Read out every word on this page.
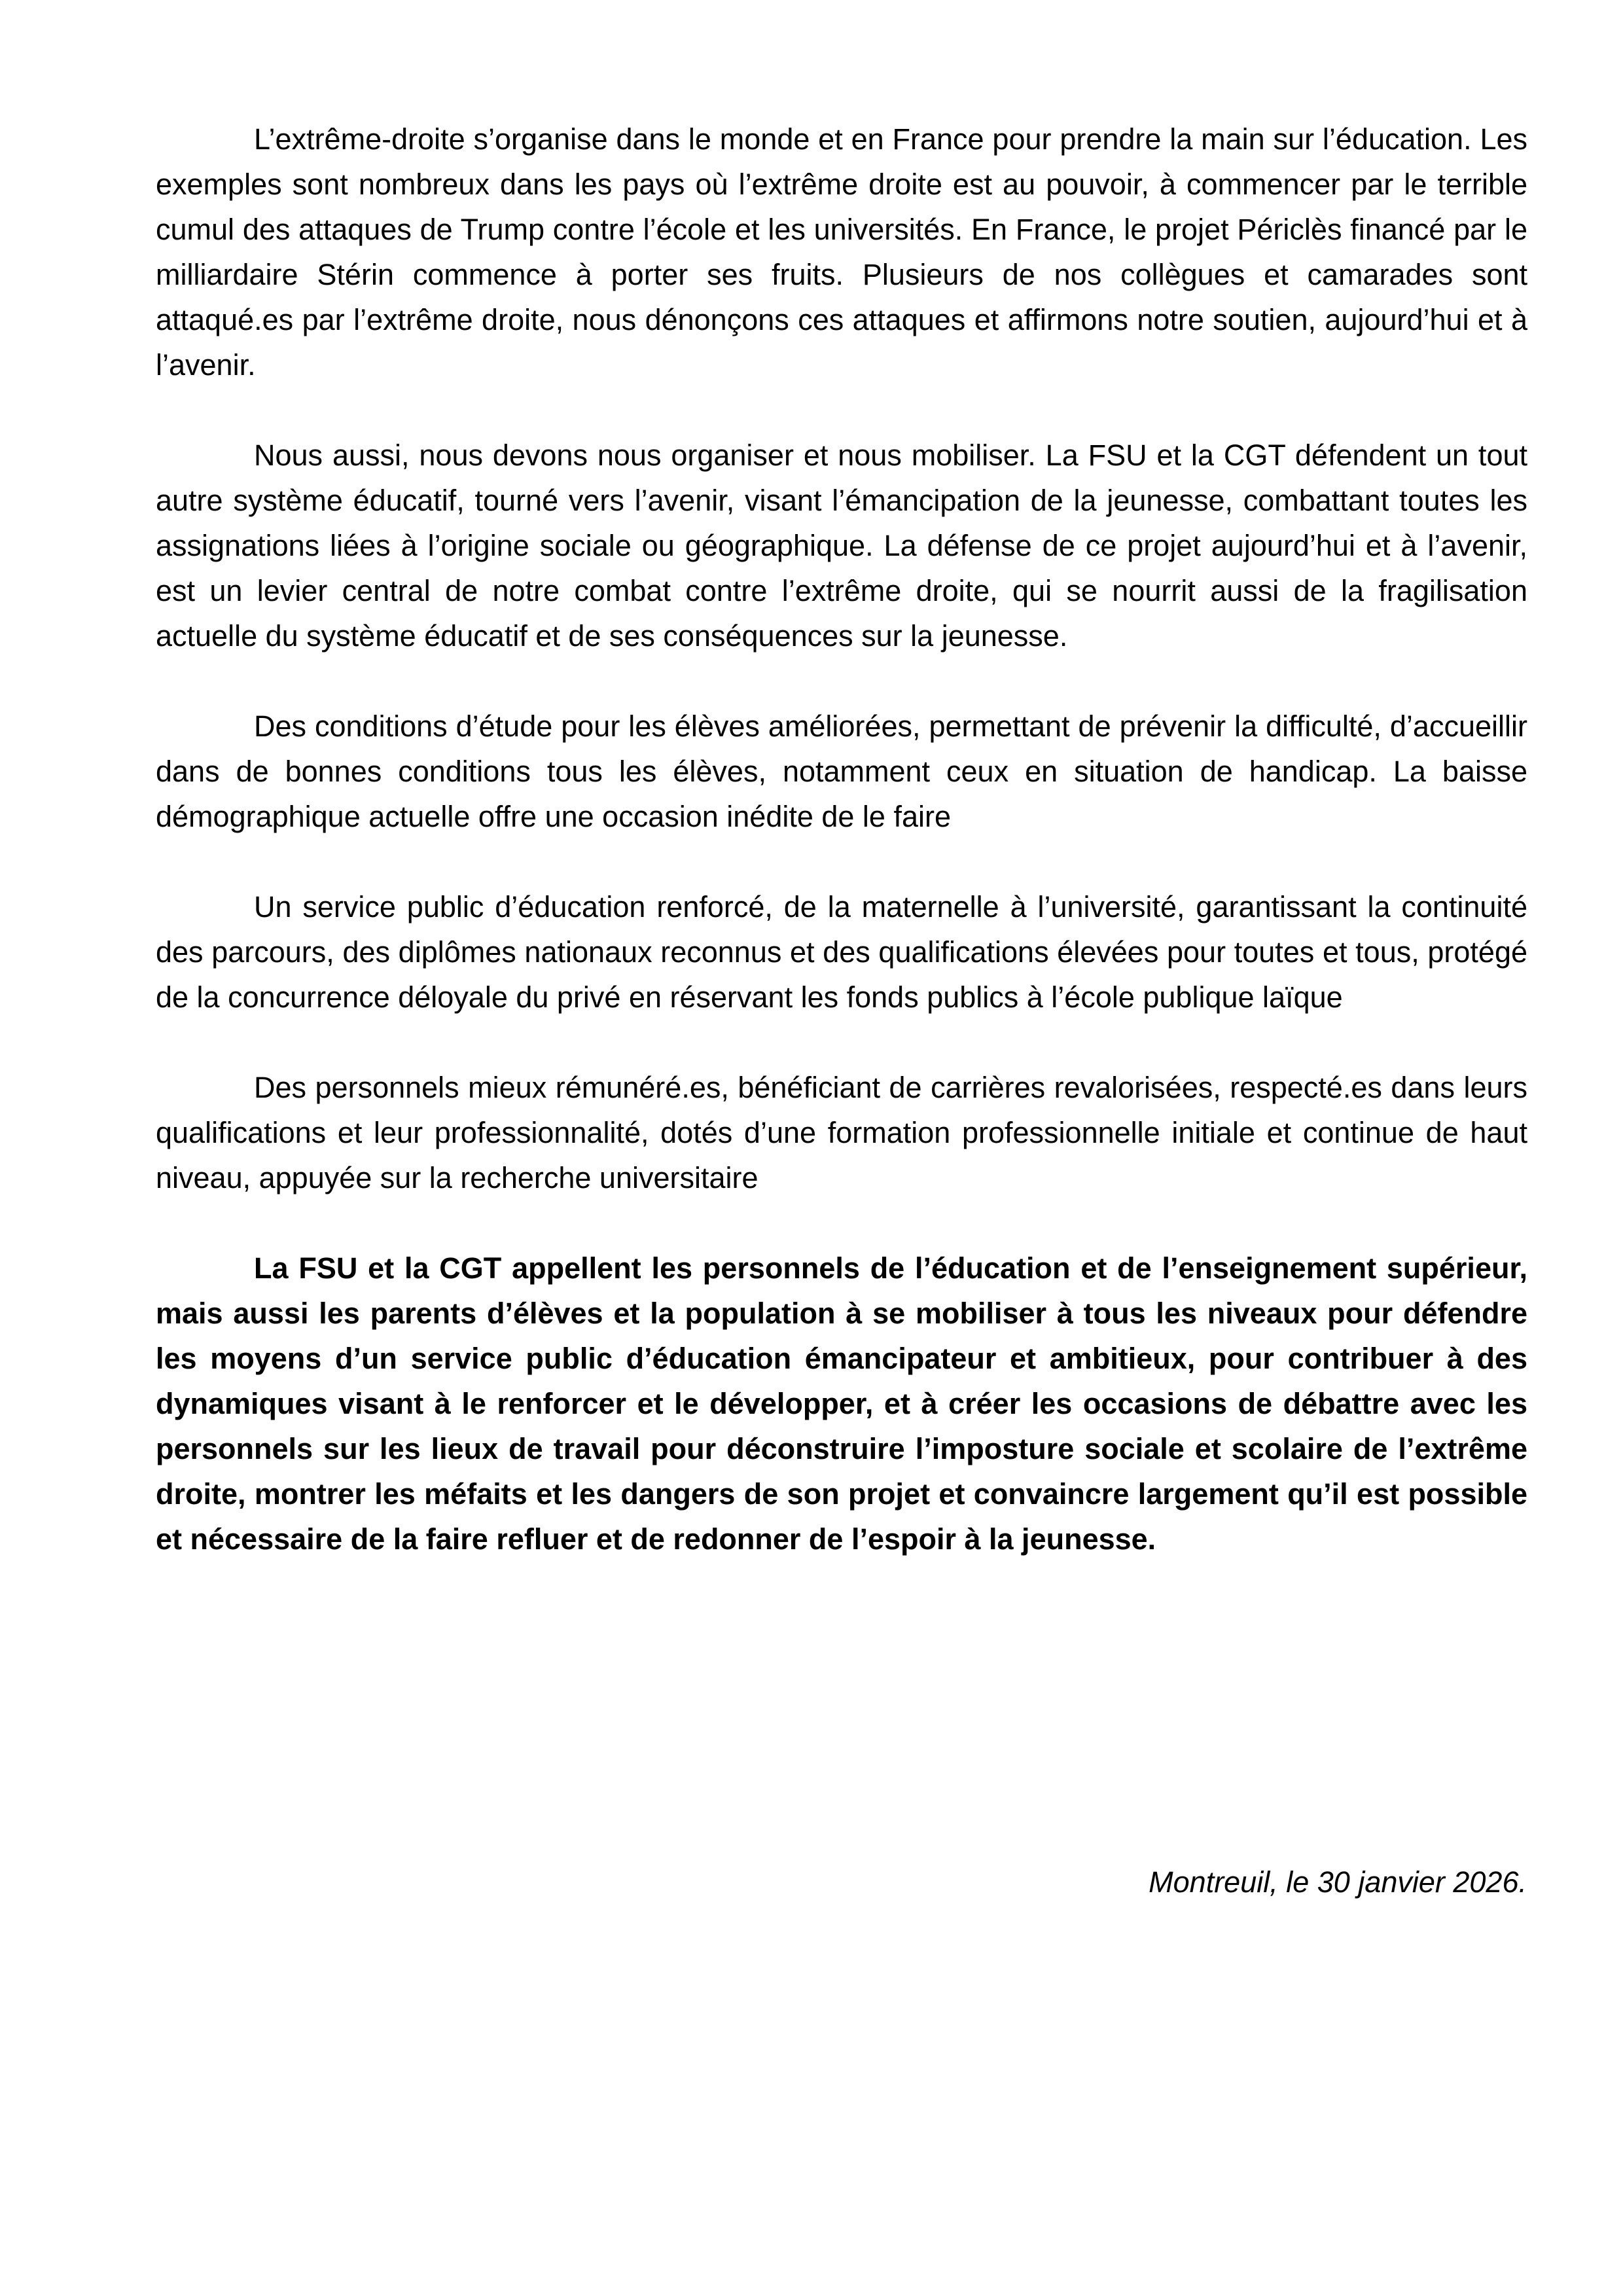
L’extrême-droite s’organise dans le monde et en France pour prendre la main sur l’éducation. Les exemples sont nombreux dans les pays où l’extrême droite est au pouvoir, à commencer par le terrible cumul des attaques de Trump contre l’école et les universités. En France, le projet Périclès financé par le milliardaire Stérin commence à porter ses fruits. Plusieurs de nos collègues et camarades sont attaqué.es par l’extrême droite, nous dénonçons ces attaques et affirmons notre soutien, aujourd’hui et à l’avenir.

Nous aussi, nous devons nous organiser et nous mobiliser. La FSU et la CGT défendent un tout autre système éducatif, tourné vers l’avenir, visant l’émancipation de la jeunesse, combattant toutes les assignations liées à l’origine sociale ou géographique. La défense de ce projet aujourd’hui et à l’avenir, est un levier central de notre combat contre l’extrême droite, qui se nourrit aussi de la fragilisation actuelle du système éducatif et de ses conséquences sur la jeunesse.

Des conditions d’étude pour les élèves améliorées, permettant de prévenir la difficulté, d’accueillir dans de bonnes conditions tous les élèves, notamment ceux en situation de handicap. La baisse démographique actuelle offre une occasion inédite de le faire

Un service public d’éducation renforcé, de la maternelle à l’université, garantissant la continuité des parcours, des diplômes nationaux reconnus et des qualifications élevées pour toutes et tous, protégé de la concurrence déloyale du privé en réservant les fonds publics à l’école publique laïque

Des personnels mieux rémunéré.es, bénéficiant de carrières revalorisées, respecté.es dans leurs qualifications et leur professionnalité, dotés d’une formation professionnelle initiale et continue de haut niveau, appuyée sur la recherche universitaire

La FSU et la CGT appellent les personnels de l’éducation et de l’enseignement supérieur, mais aussi les parents d’élèves et la population à se mobiliser à tous les niveaux pour défendre les moyens d’un service public d’éducation émancipateur et ambitieux, pour contribuer à des dynamiques visant à le renforcer et le développer, et à créer les occasions de débattre avec les personnels sur les lieux de travail pour déconstruire l’imposture sociale et scolaire de l’extrême droite, montrer les méfaits et les dangers de son projet et convaincre largement qu’il est possible et nécessaire de la faire refluer et de redonner de l’espoir à la jeunesse.

Montreuil, le 30 janvier 2026.
